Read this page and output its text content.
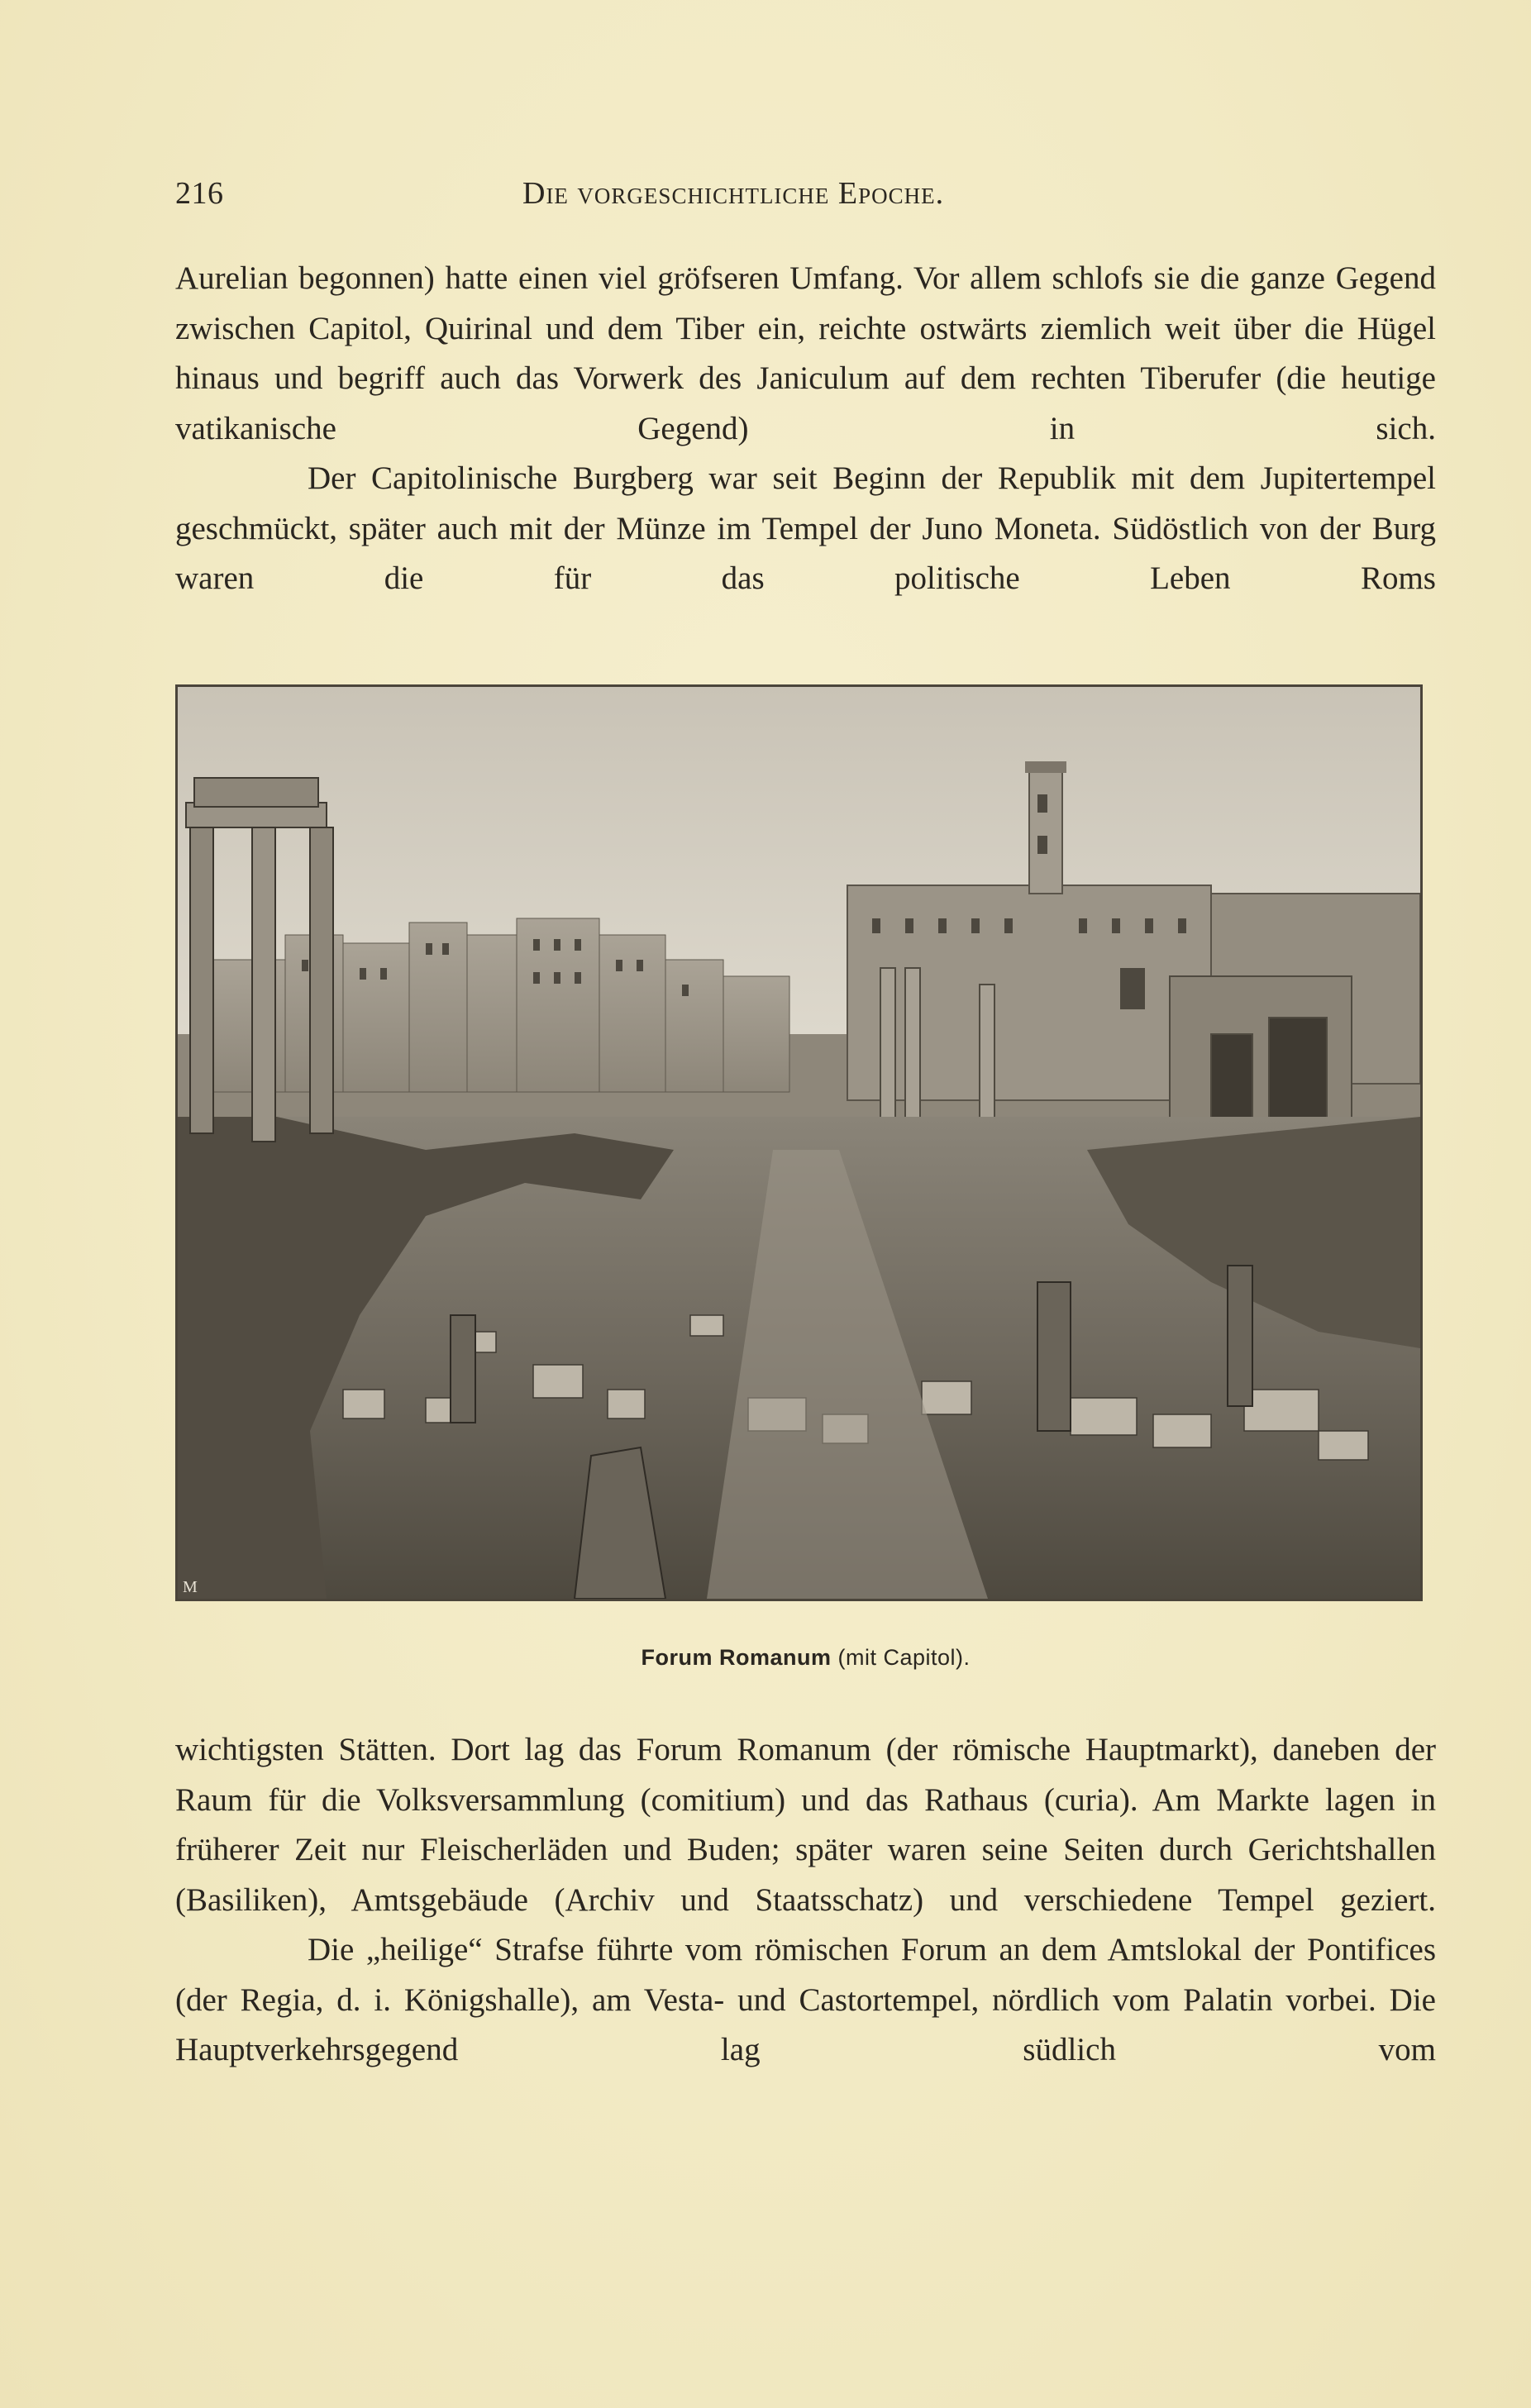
216	Die vorgeschichtliche Epoche.

Aurelian begonnen) hatte einen viel gröfseren Umfang. Vor allem schlofs sie die ganze Gegend zwischen Capitol, Quirinal und dem Tiber ein, reichte ostwärts ziemlich weit über die Hügel hinaus und begriff auch das Vorwerk des Janiculum auf dem rechten Tiberufer (die heutige vatikanische Gegend) in sich.

Der Capitolinische Burgberg war seit Beginn der Republik mit dem Jupitertempel geschmückt, später auch mit der Münze im Tempel der Juno Moneta. Südöstlich von der Burg waren die für das politische Leben Roms

M
Forum Romanum (mit Capitol).

wichtigsten Stätten. Dort lag das Forum Romanum (der römische Hauptmarkt), daneben der Raum für die Volksversammlung (comitium) und das Rathaus (curia). Am Markte lagen in früherer Zeit nur Fleischerläden und Buden; später waren seine Seiten durch Gerichtshallen (Basiliken), Amtsgebäude (Archiv und Staatsschatz) und verschiedene Tempel geziert.

Die „heilige“ Strafse führte vom römischen Forum an dem Amtslokal der Pontifices (der Regia, d. i. Königshalle), am Vesta- und Castortempel, nördlich vom Palatin vorbei. Die Hauptverkehrsgegend lag südlich vom
